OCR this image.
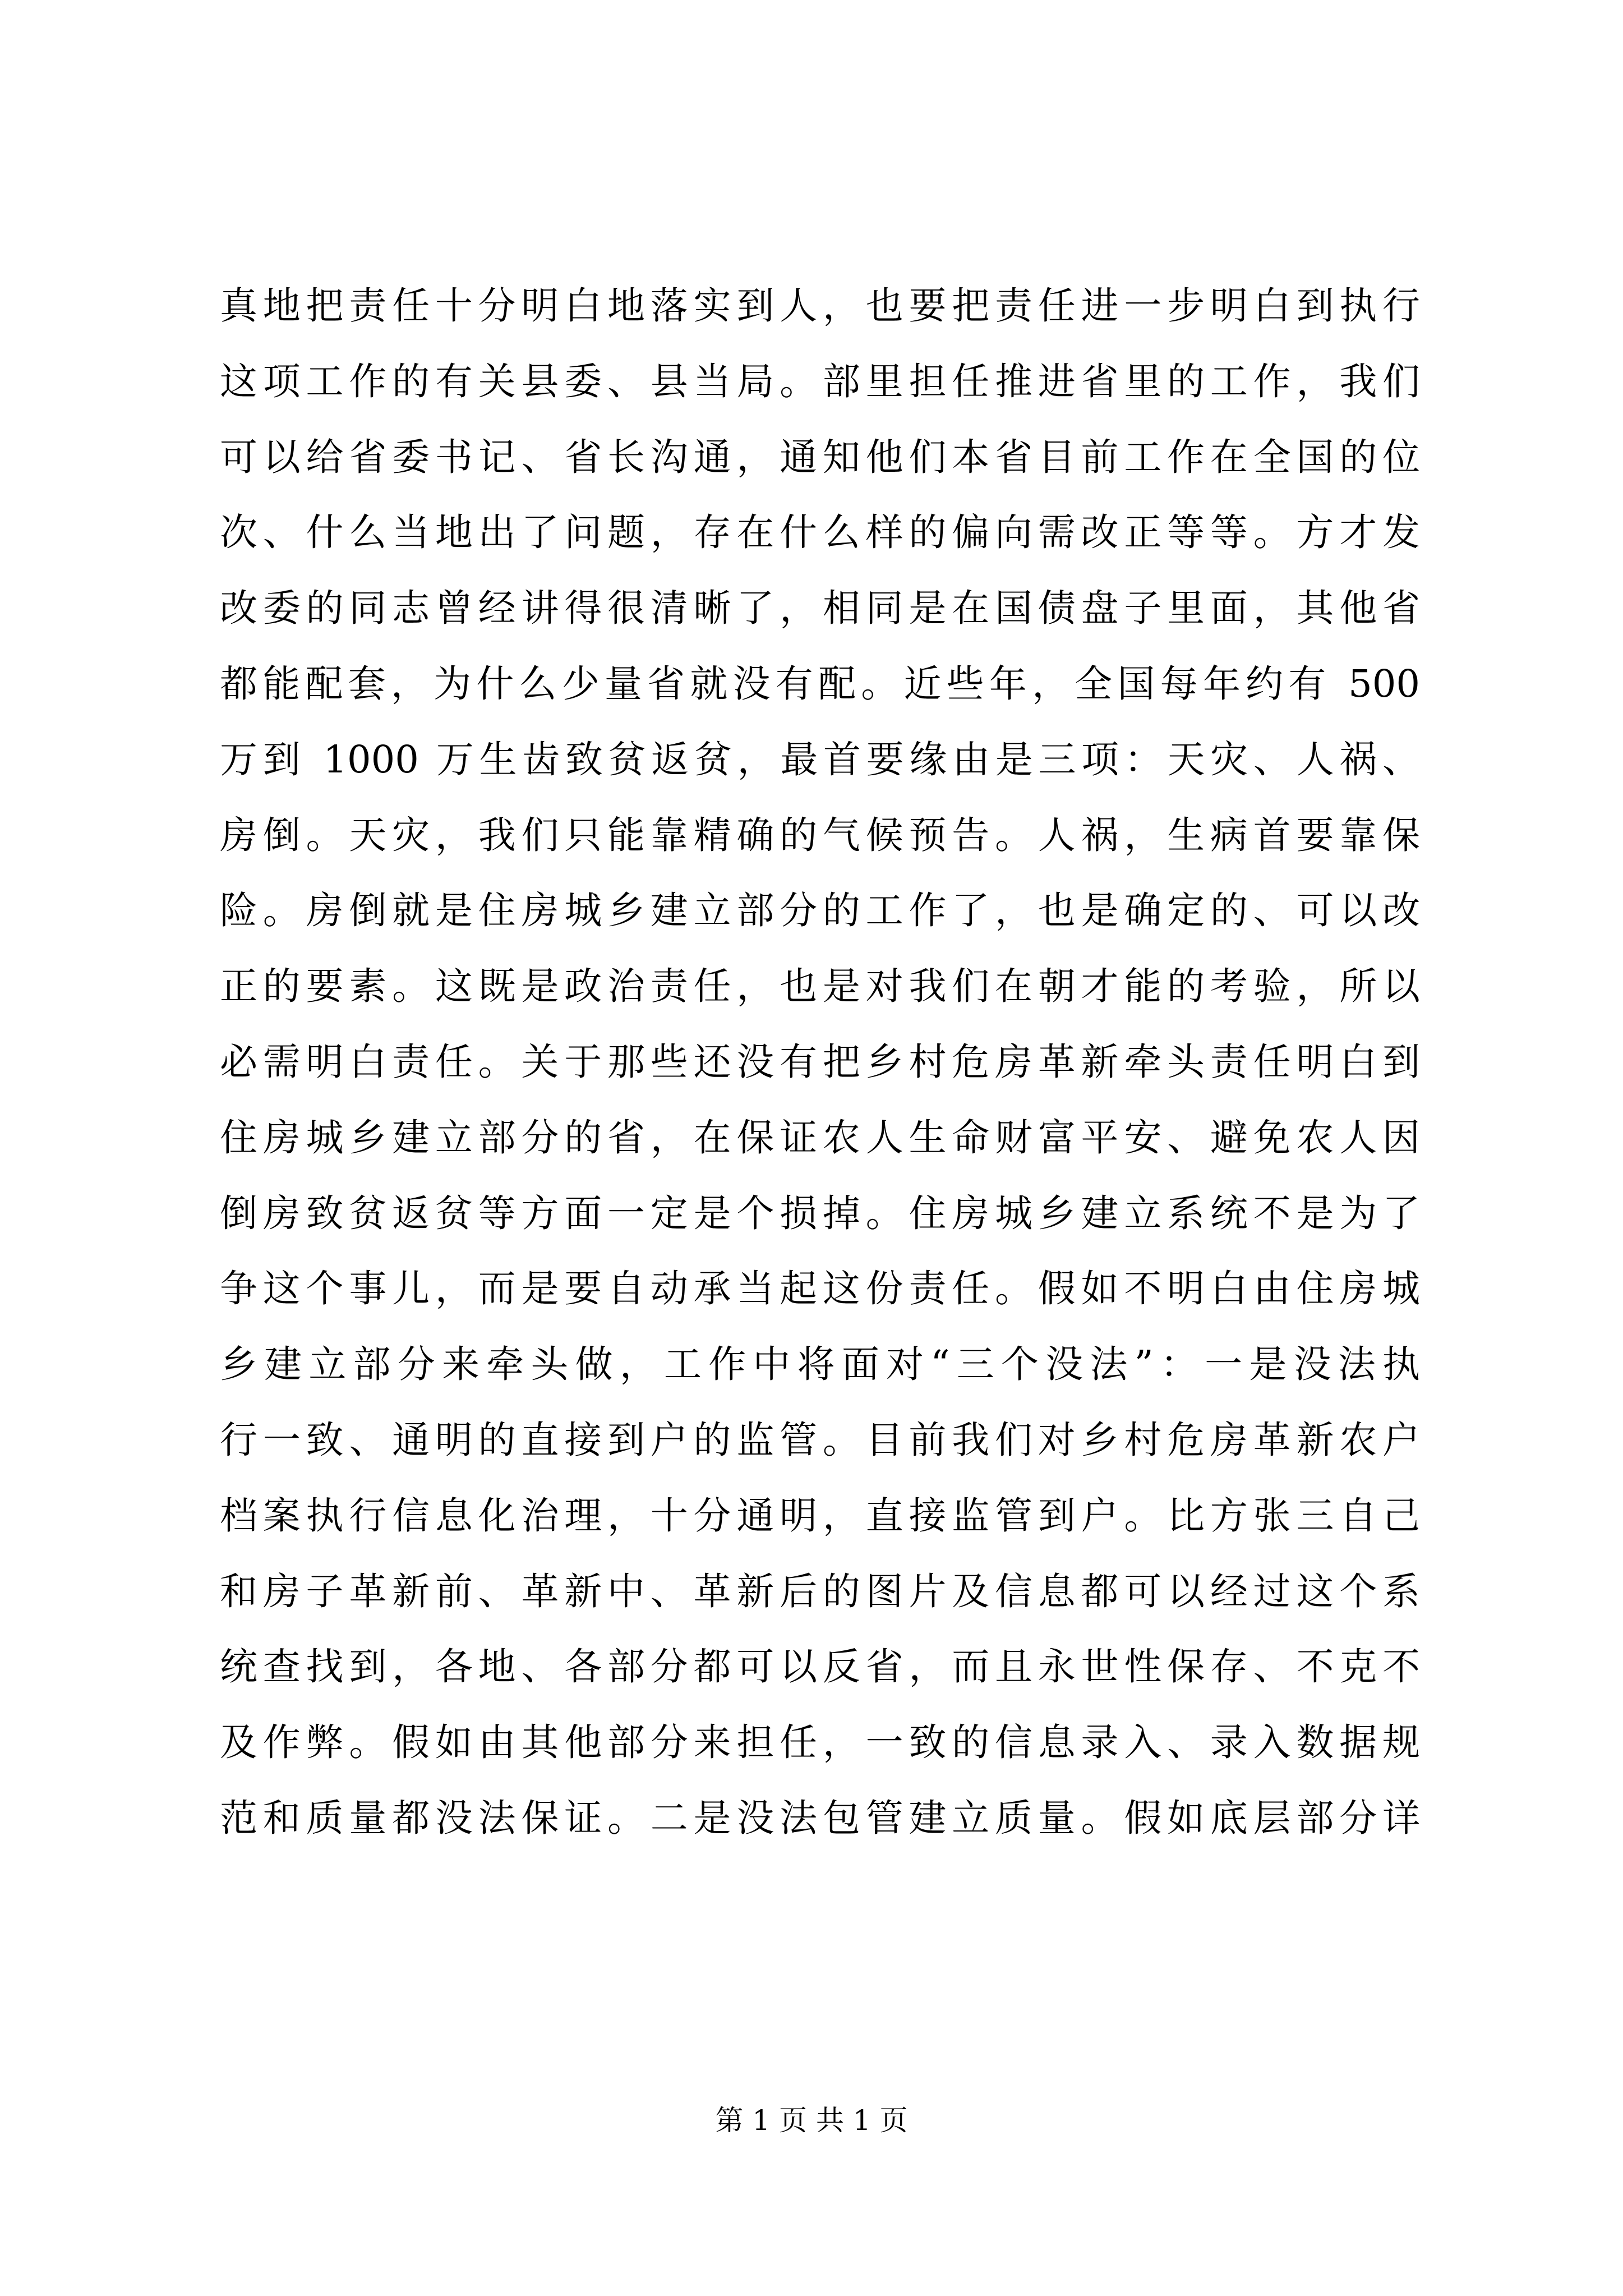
真地把责任十分明白地落实到人，也要把责任进一步明白到执行
这项工作的有关县委、县当局。部里担任推进省里的工作，我们
可以给省委书记、省长沟通，通知他们本省目前工作在全国的位
次、什么当地出了问题，存在什么样的偏向需改正等等。方才发
改委的同志曾经讲得很清晰了，相同是在国债盘子里面，其他省
都能配套，为什么少量省就没有配。近些年，全国每年约有 500
万到 1000 万生齿致贫返贫，最首要缘由是三项：天灾、人祸、
房倒。天灾，我们只能靠精确的气候预告。人祸，生病首要靠保
险。房倒就是住房城乡建立部分的工作了，也是确定的、可以改
正的要素。这既是政治责任，也是对我们在朝才能的考验，所以
必需明白责任。关于那些还没有把乡村危房革新牵头责任明白到
住房城乡建立部分的省，在保证农人生命财富平安、避免农人因
倒房致贫返贫等方面一定是个损掉。住房城乡建立系统不是为了
争这个事儿，而是要自动承当起这份责任。假如不明白由住房城
乡建立部分来牵头做，工作中将面对“三个没法”：一是没法执
行一致、通明的直接到户的监管。目前我们对乡村危房革新农户
档案执行信息化治理，十分通明，直接监管到户。比方张三自己
和房子革新前、革新中、革新后的图片及信息都可以经过这个系
统查找到，各地、各部分都可以反省，而且永世性保存、不克不
及作弊。假如由其他部分来担任，一致的信息录入、录入数据规
范和质量都没法保证。二是没法包管建立质量。假如底层部分详
第 1 页 共 1 页
